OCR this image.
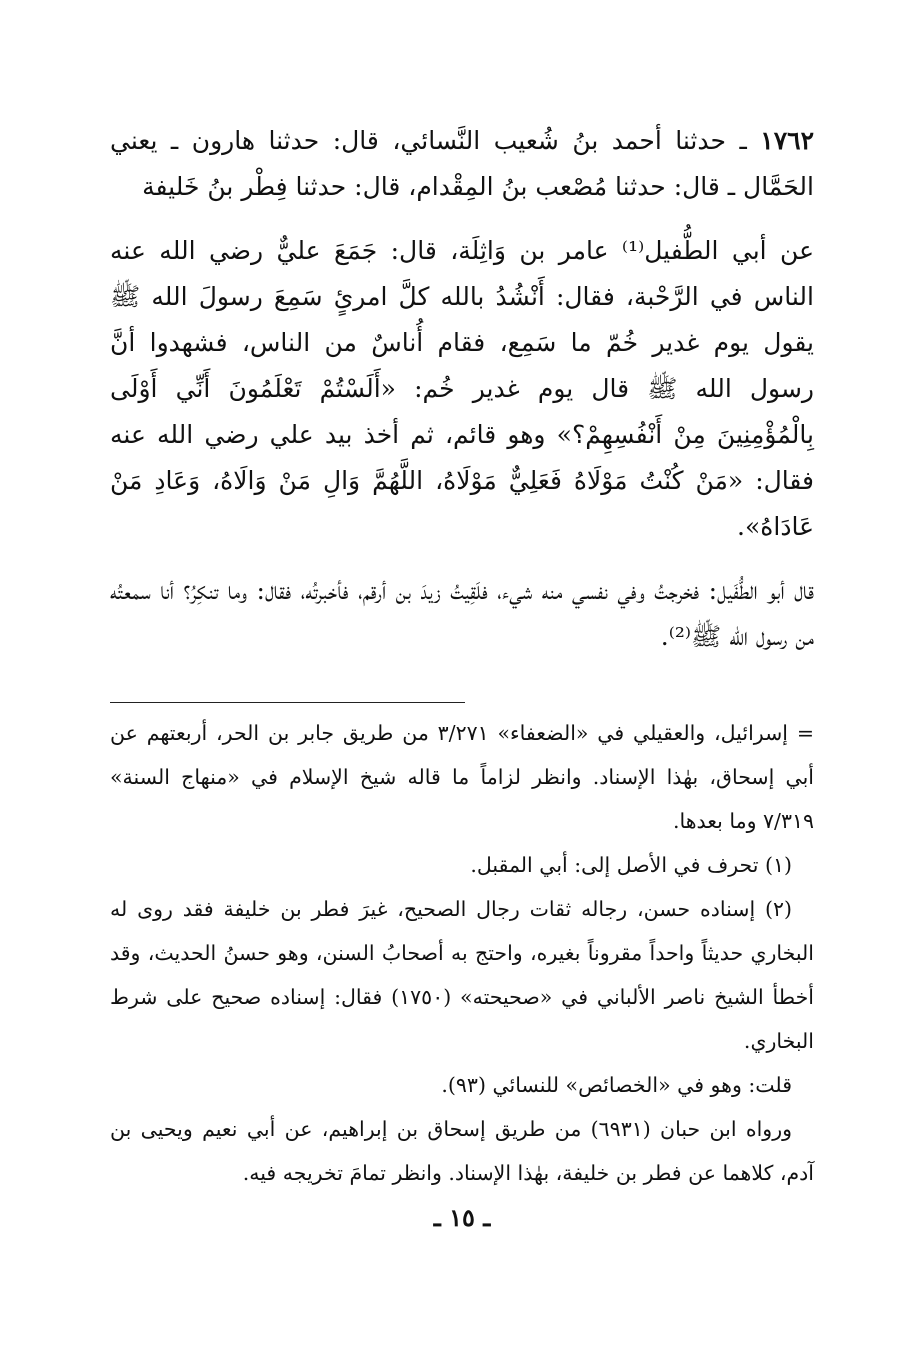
١٧٦٢ ـ حدثنا أحمد بنُ شُعيب النَّسائي، قال: حدثنا هارون ـ يعني الحَمَّال ـ قال: حدثنا مُصْعب بنُ المِقْدام، قال: حدثنا فِطْر بنُ خَليفة

عن أبي الطُّفيل⁽¹⁾ عامر بن وَاثِلَة، قال: جَمَعَ عليٌّ رضي الله عنه الناس في الرَّحْبة، فقال: أَنْشُدُ بالله كلَّ امرئٍ سَمِعَ رسولَ الله ﷺ يقول يوم غدير خُمّ ما سَمِع، فقام أُناسٌ من الناس، فشهدوا أنَّ رسول الله ﷺ قال يوم غدير خُم: «أَلَسْتُمْ تَعْلَمُونَ أَنِّي أَوْلَى بِالْمُؤْمِنِينَ مِنْ أَنْفُسِهِمْ؟» وهو قائم، ثم أخذ بيد علي رضي الله عنه فقال: «مَنْ كُنْتُ مَوْلَاهُ فَعَلِيٌّ مَوْلَاهُ، اللَّهُمَّ وَالِ مَنْ وَالَاهُ، وَعَادِ مَنْ عَادَاهُ».

قال أبو الطُّفَيل: فخرجتُ وفي نفسي منه شيء، فلَقِيتُ زيدَ بن أرقم، فأخبرتُه، فقال: وما تنكِرُ؟ أنا سمعتُه من رسول الله ﷺ⁽²⁾.

= إسرائيل، والعقيلي في «الضعفاء» ٣/٢٧١ من طريق جابر بن الحر، أربعتهم عن أبي إسحاق، بهٰذا الإسناد. وانظر لزاماً ما قاله شيخ الإسلام في «منهاج السنة» ٧/٣١٩ وما بعدها.

(١) تحرف في الأصل إلى: أبي المقبل.

(٢) إسناده حسن، رجاله ثقات رجال الصحيح، غيرَ فطر بن خليفة فقد روى له البخاري حديثاً واحداً مقروناً بغيره، واحتج به أصحابُ السنن، وهو حسنُ الحديث، وقد أخطأ الشيخ ناصر الألباني في «صحيحته» (١٧٥٠) فقال: إسناده صحيح على شرط البخاري.

قلت: وهو في «الخصائص» للنسائي (٩٣).

ورواه ابن حبان (٦٩٣١) من طريق إسحاق بن إبراهيم، عن أبي نعيم ويحيى بن آدم، كلاهما عن فطر بن خليفة، بهٰذا الإسناد. وانظر تمامَ تخريجه فيه.

ـ ١٥ ـ
